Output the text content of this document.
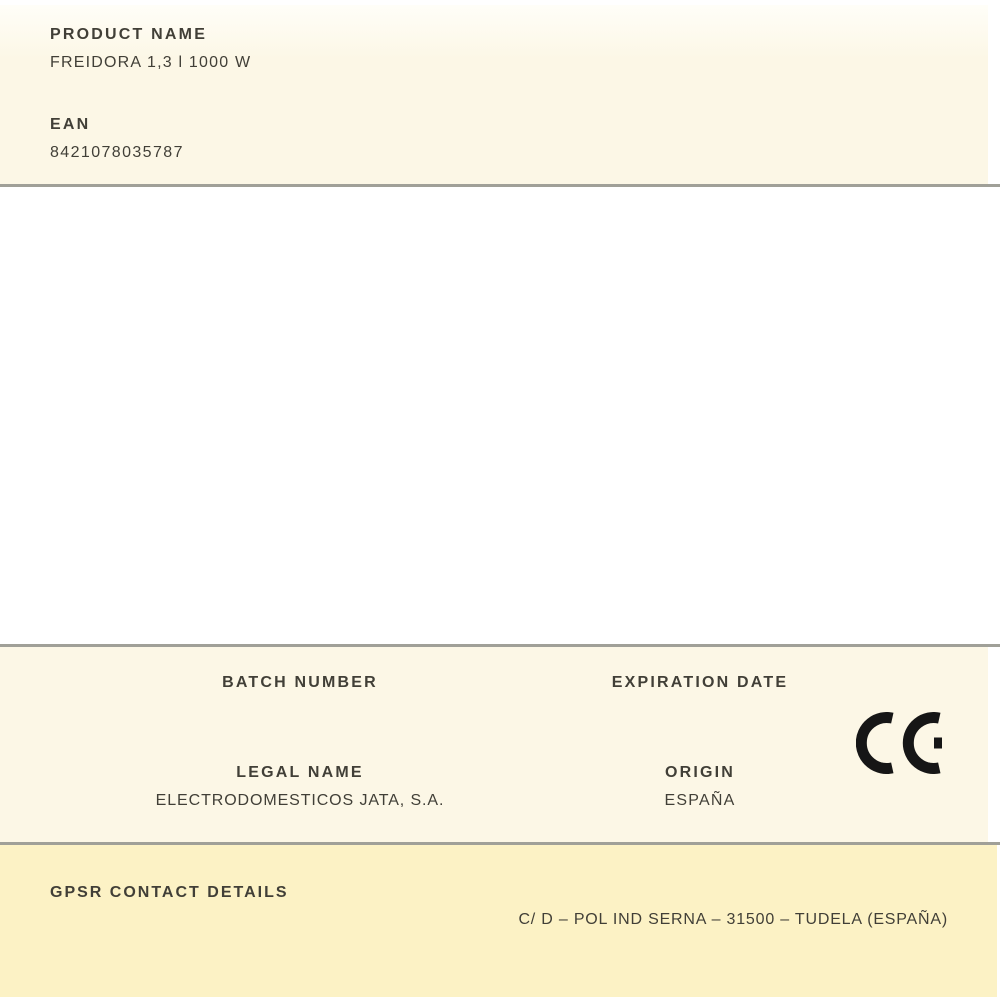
PRODUCT NAME
FREIDORA 1,3 l 1000 W
EAN
8421078035787
BATCH NUMBER	EXPIRATION DATE
LEGAL NAME
ELECTRODOMESTICOS JATA, S.A.
ORIGIN
ESPAÑA
GPSR CONTACT DETAILS
C/ D – POL IND SERNA – 31500 – TUDELA (ESPAÑA)
